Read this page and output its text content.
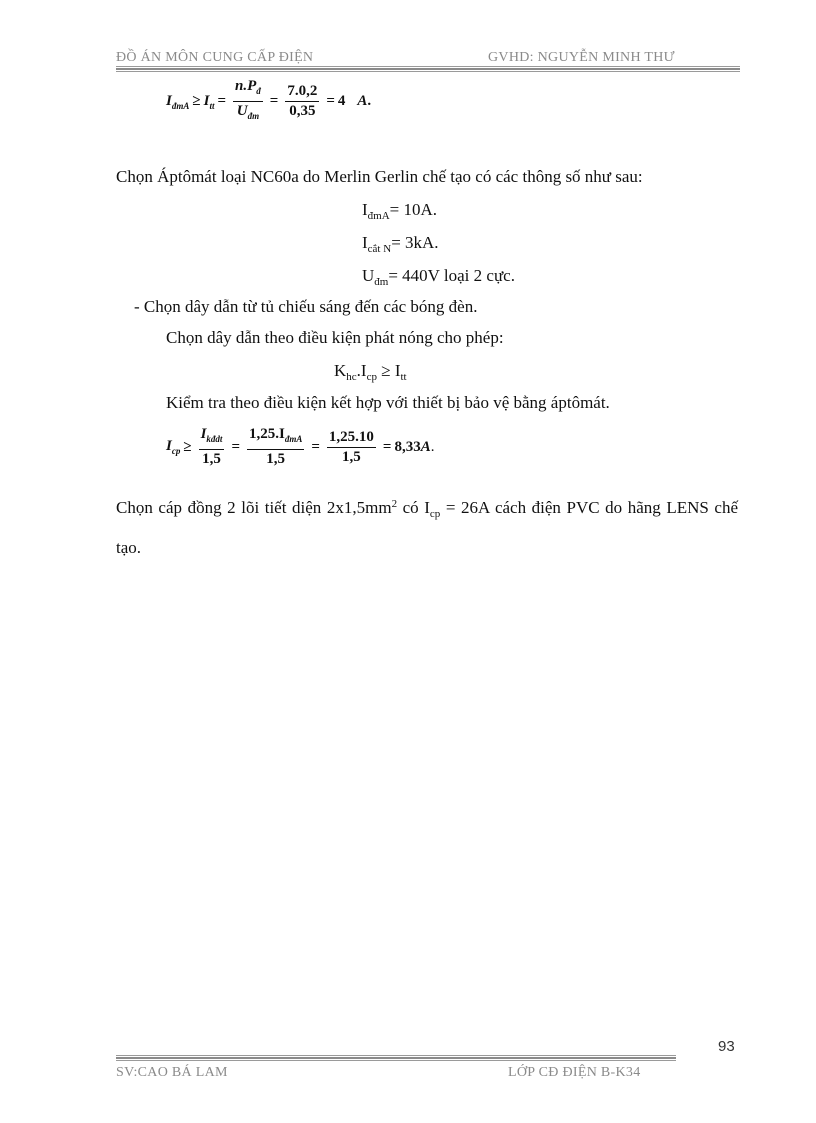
ĐỒ ÁN MÔN CUNG CẤP ĐIỆN	GVHD: NGUYỄN MINH THƯ
$I_{đmA} \ge I_{tt} = \frac{n.P_đ}{U_{đm}} = \frac{7.0,2}{0,35} = 4$ A .
Chọn Áptômát loại NC60a do Merlin Gerlin chế tạo có các thông số như sau:
$I_{đmA}= 10A$.
$I_{cắt N}= 3kA$.
$U_{đm}= 440V$ loại 2 cực.
- Chọn dây dẫn từ tủ chiếu sáng đến các bóng đèn.
Chọn dây dẫn theo điều kiện phát nóng cho phép:
$K_{hc}.I_{cp} \ge I_{tt}$
Kiểm tra theo điều kiện kết hợp với thiết bị bảo vệ bằng áptômát.
$I_{cp} \ge \frac{I_{kđdt}}{1,5} = \frac{1,25.I_{đmA}}{1,5} = \frac{1,25.10}{1,5} = 8,33$ A .
Chọn cáp đồng 2 lõi tiết diện $2x1,5mm^2$ có $I_{cp} = 26A$ cách điện PVC do hãng LENS chế tạo.
93
SV:CAO BÁ LAM	LỚP CĐ ĐIỆN B-K34
